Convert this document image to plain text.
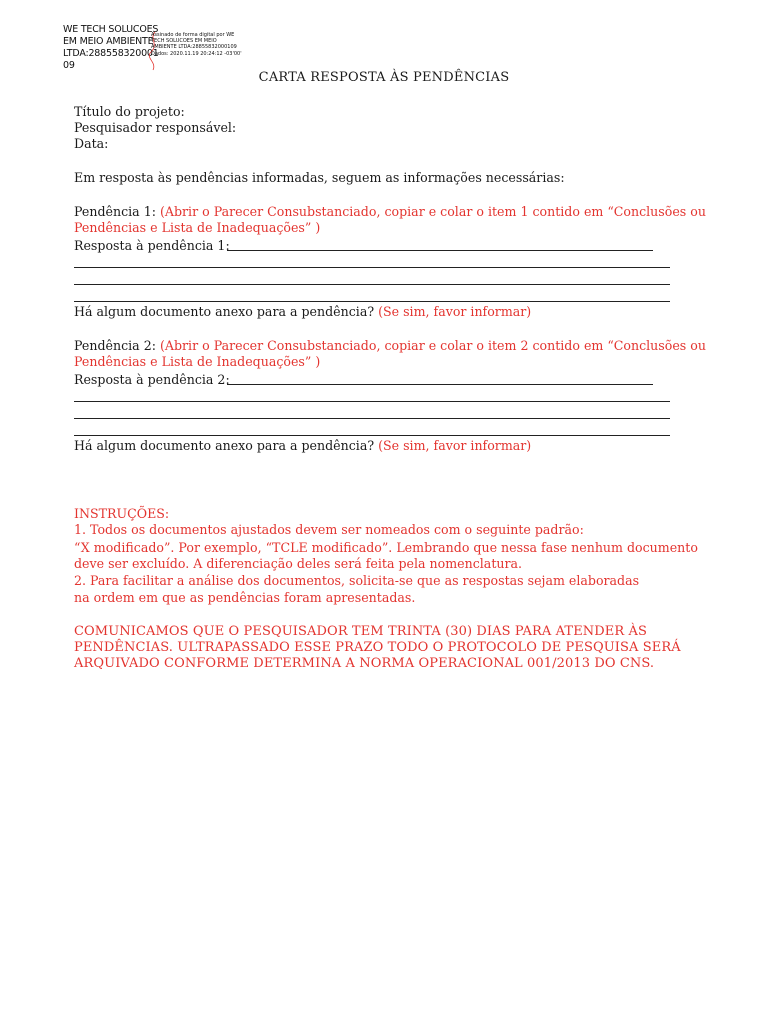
WE TECH SOLUCOES
EM MEIO AMBIENTE
LTDA:288558320001
09
Assinado de forma digital por WE
TECH SOLUCOES EM MEIO
AMBIENTE LTDA:28855832000109
Dados: 2020.11.19 20:24:12 -03'00'
CARTA RESPOSTA ÀS PENDÊNCIAS
Título do projeto:
Pesquisador responsável:
Data:
Em resposta às pendências informadas, seguem as informações necessárias:
Pendência 1: (Abrir o Parecer Consubstanciado, copiar e colar o item 1 contido em “Conclusões ou
Pendências e Lista de Inadequações” )
Resposta à pendência 1:
Há algum documento anexo para a pendência? (Se sim, favor informar)
Pendência 2: (Abrir o Parecer Consubstanciado, copiar e colar o item 2 contido em “Conclusões ou
Pendências e Lista de Inadequações” )
Resposta à pendência 2:
Há algum documento anexo para a pendência? (Se sim, favor informar)
INSTRUÇÕES:
1. Todos os documentos ajustados devem ser nomeados com o seguinte padrão:
“X modificado”. Por exemplo, “TCLE modificado”. Lembrando que nessa fase nenhum documento
deve ser excluído. A diferenciação deles será feita pela nomenclatura.
2. Para facilitar a análise dos documentos, solicita-se que as respostas sejam elaboradas
na ordem em que as pendências foram apresentadas.
COMUNICAMOS QUE O PESQUISADOR TEM TRINTA (30) DIAS PARA ATENDER ÀS
PENDÊNCIAS. ULTRAPASSADO ESSE PRAZO TODO O PROTOCOLO DE PESQUISA SERÁ
ARQUIVADO CONFORME DETERMINA A NORMA OPERACIONAL 001/2013 DO CNS.
